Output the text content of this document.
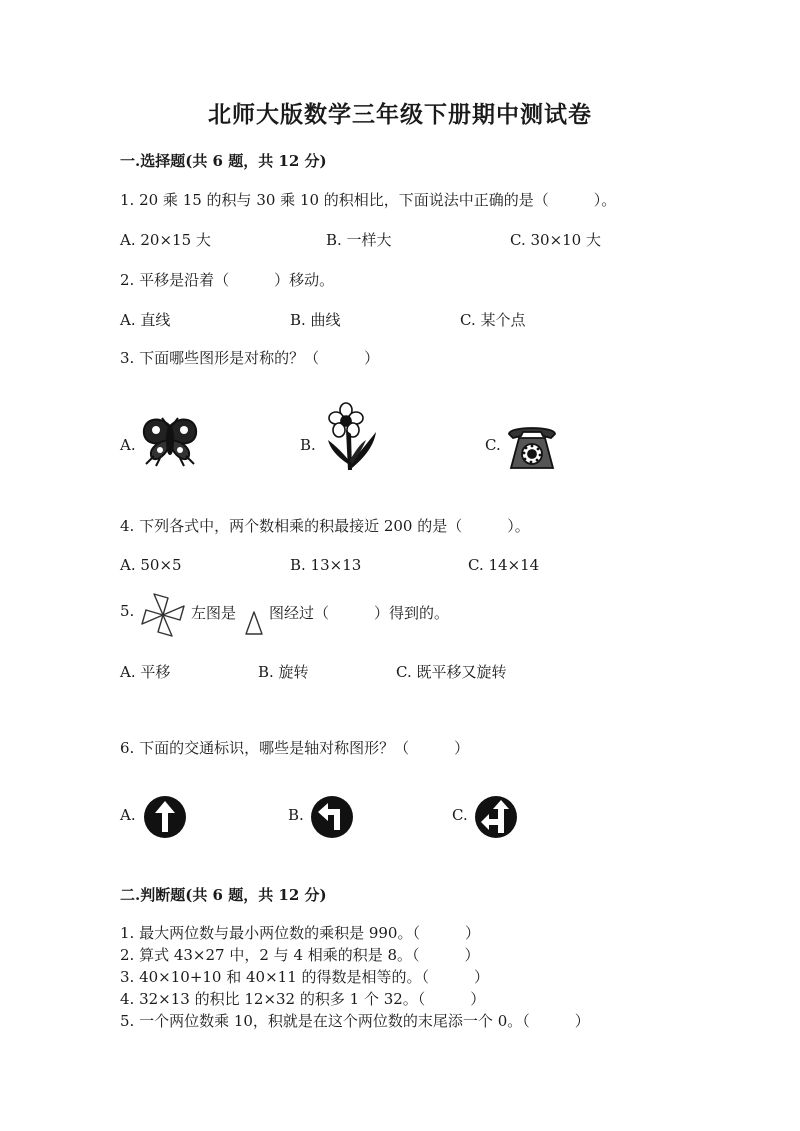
北师大版数学三年级下册期中测试卷
一.选择题(共 6 题，共 12 分)
1. 20 乘 15 的积与 30 乘 10 的积相比，下面说法中正确的是（　　　）。
A. 20×15 大	B. 一样大	C. 30×10 大
2. 平移是沿着（　　　）移动。
A. 直线	B. 曲线	C. 某个点
3. 下面哪些图形是对称的？（　　　）
A.	B.	C.
4. 下列各式中，两个数相乘的积最接近 200 的是（　　　）。
A. 50×5	B. 13×13	C. 14×14
5.	左图是 图经过（　　　）得到的。
A. 平移	B. 旋转	C. 既平移又旋转
6. 下面的交通标识，哪些是轴对称图形？（　　　）
A.	B.	C.
二.判断题(共 6 题，共 12 分)
1. 最大两位数与最小两位数的乘积是 990。（　　　）
2. 算式 43×27 中，2 与 4 相乘的积是 8。（　　　）
3. 40×10+10 和 40×11 的得数是相等的。（　　　）
4. 32×13 的积比 12×32 的积多 1 个 32。（　　　）
5. 一个两位数乘 10，积就是在这个两位数的末尾添一个 0。（　　　）
